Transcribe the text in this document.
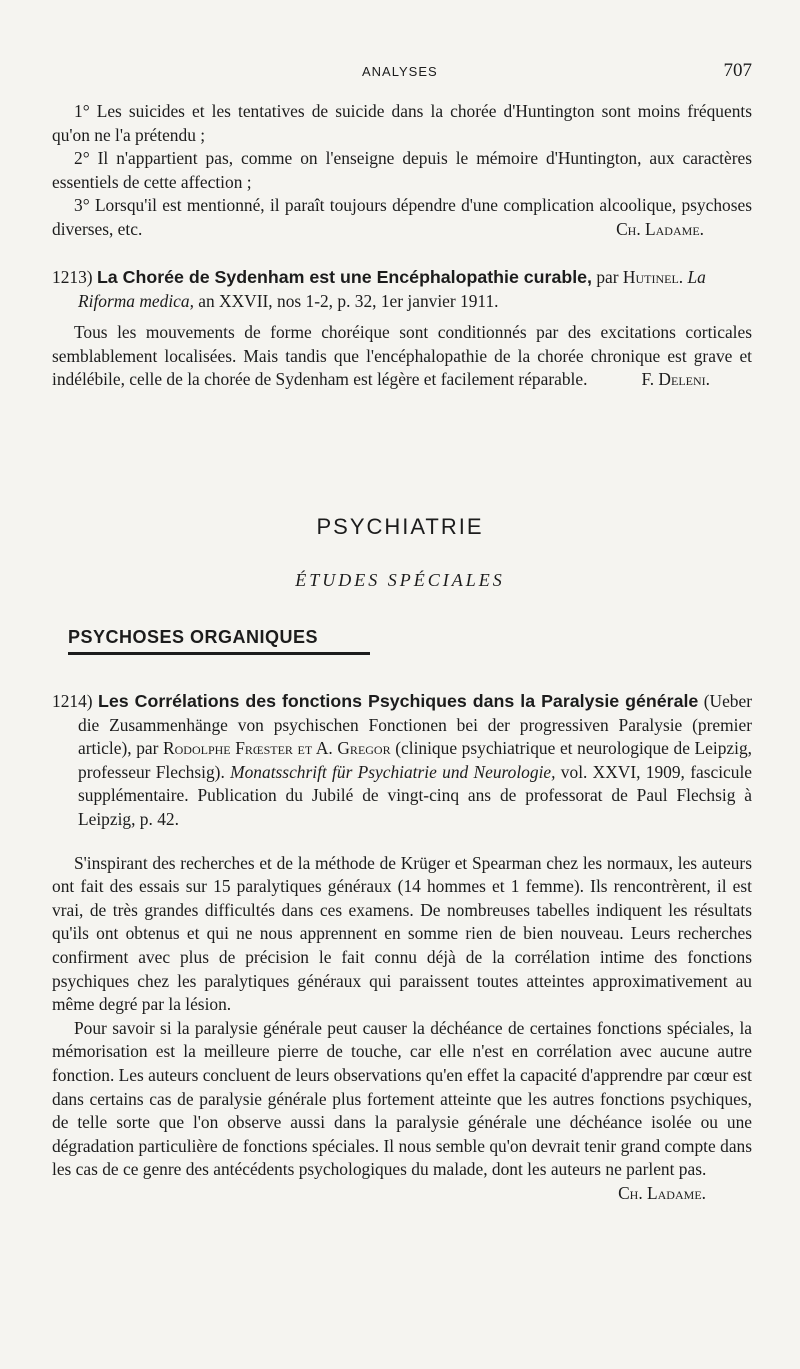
ANALYSES	707

1° Les suicides et les tentatives de suicide dans la chorée d'Huntington sont moins fréquents qu'on ne l'a prétendu ;

2° Il n'appartient pas, comme on l'enseigne depuis le mémoire d'Huntington, aux caractères essentiels de cette affection ;

3° Lorsqu'il est mentionné, il paraît toujours dépendre d'une complication alcoolique, psychoses diverses, etc.	Ch. Ladame.

1213) La Chorée de Sydenham est une Encéphalopathie curable, par Hutinel. La Riforma medica, an XXVII, nos 1-2, p. 32, 1er janvier 1911.

Tous les mouvements de forme choréique sont conditionnés par des excitations corticales semblablement localisées. Mais tandis que l'encéphalopathie de la chorée chronique est grave et indélébile, celle de la chorée de Sydenham est légère et facilement réparable.	F. Deleni.

PSYCHIATRIE
ÉTUDES SPÉCIALES
PSYCHOSES ORGANIQUES

1214) Les Corrélations des fonctions Psychiques dans la Paralysie générale (Ueber die Zusammenhänge von psychischen Fonctionen bei der progressiven Paralysie (premier article), par Rodolphe Frœster et A. Gregor (clinique psychiatrique et neurologique de Leipzig, professeur Flechsig). Monatsschrift für Psychiatrie und Neurologie, vol. XXVI, 1909, fascicule supplémentaire. Publication du Jubilé de vingt-cinq ans de professorat de Paul Flechsig à Leipzig, p. 42.

S'inspirant des recherches et de la méthode de Krüger et Spearman chez les normaux, les auteurs ont fait des essais sur 15 paralytiques généraux (14 hommes et 1 femme). Ils rencontrèrent, il est vrai, de très grandes difficultés dans ces examens. De nombreuses tabelles indiquent les résultats qu'ils ont obtenus et qui ne nous apprennent en somme rien de bien nouveau. Leurs recherches confirment avec plus de précision le fait connu déjà de la corrélation intime des fonctions psychiques chez les paralytiques généraux qui paraissent toutes atteintes approximativement au même degré par la lésion.

Pour savoir si la paralysie générale peut causer la déchéance de certaines fonctions spéciales, la mémorisation est la meilleure pierre de touche, car elle n'est en corrélation avec aucune autre fonction. Les auteurs concluent de leurs observations qu'en effet la capacité d'apprendre par cœur est dans certains cas de paralysie générale plus fortement atteinte que les autres fonctions psychiques, de telle sorte que l'on observe aussi dans la paralysie générale une déchéance isolée ou une dégradation particulière de fonctions spéciales. Il nous semble qu'on devrait tenir grand compte dans les cas de ce genre des antécédents psychologiques du malade, dont les auteurs ne parlent pas.

Ch. Ladame.
